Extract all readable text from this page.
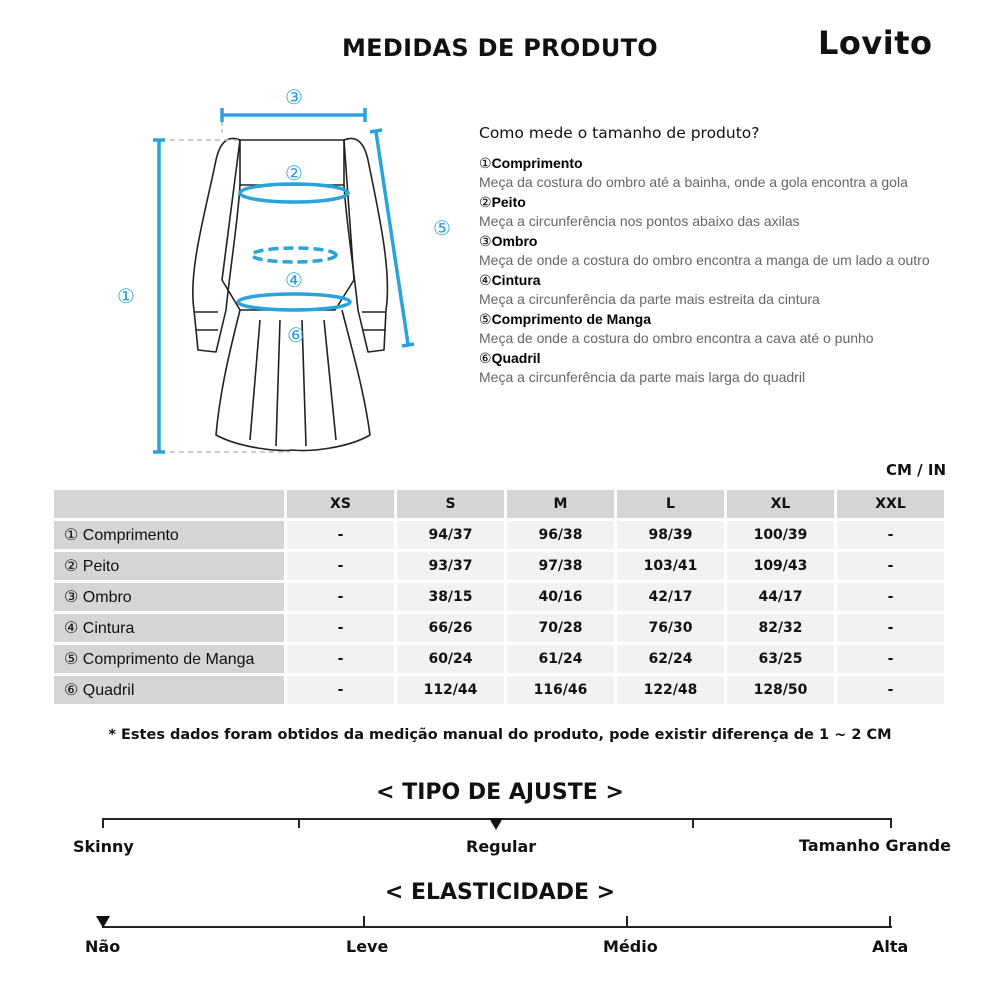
MEDIDAS DE PRODUTO	Lovito
①
②
③
④
⑤
⑥
Como mede o tamanho de produto?
①Comprimento
Meça da costura do ombro até a bainha, onde a gola encontra a gola
②Peito
Meça a circunferência nos pontos abaixo das axilas
③Ombro
Meça de onde a costura do ombro encontra a manga de um lado a outro
④Cintura
Meça a circunferência da parte mais estreita da cintura
⑤Comprimento de Manga
Meça de onde a costura do ombro encontra a cava até o punho
⑥Quadril
Meça a circunferência da parte mais larga do quadril
CM / IN
	XS	S	M	L	XL	XXL
① Comprimento	-	94/37	96/38	98/39	100/39	-
② Peito	-	93/37	97/38	103/41	109/43	-
③ Ombro	-	38/15	40/16	42/17	44/17	-
④ Cintura	-	66/26	70/28	76/30	82/32	-
⑤ Comprimento de Manga	-	60/24	61/24	62/24	63/25	-
⑥ Quadril	-	112/44	116/46	122/48	128/50	-
* Estes dados foram obtidos da medição manual do produto, pode existir diferença de 1 ~ 2 CM
< TIPO DE AJUSTE >
Skinny	Regular	Tamanho Grande
< ELASTICIDADE >
Não	Leve	Médio	Alta
